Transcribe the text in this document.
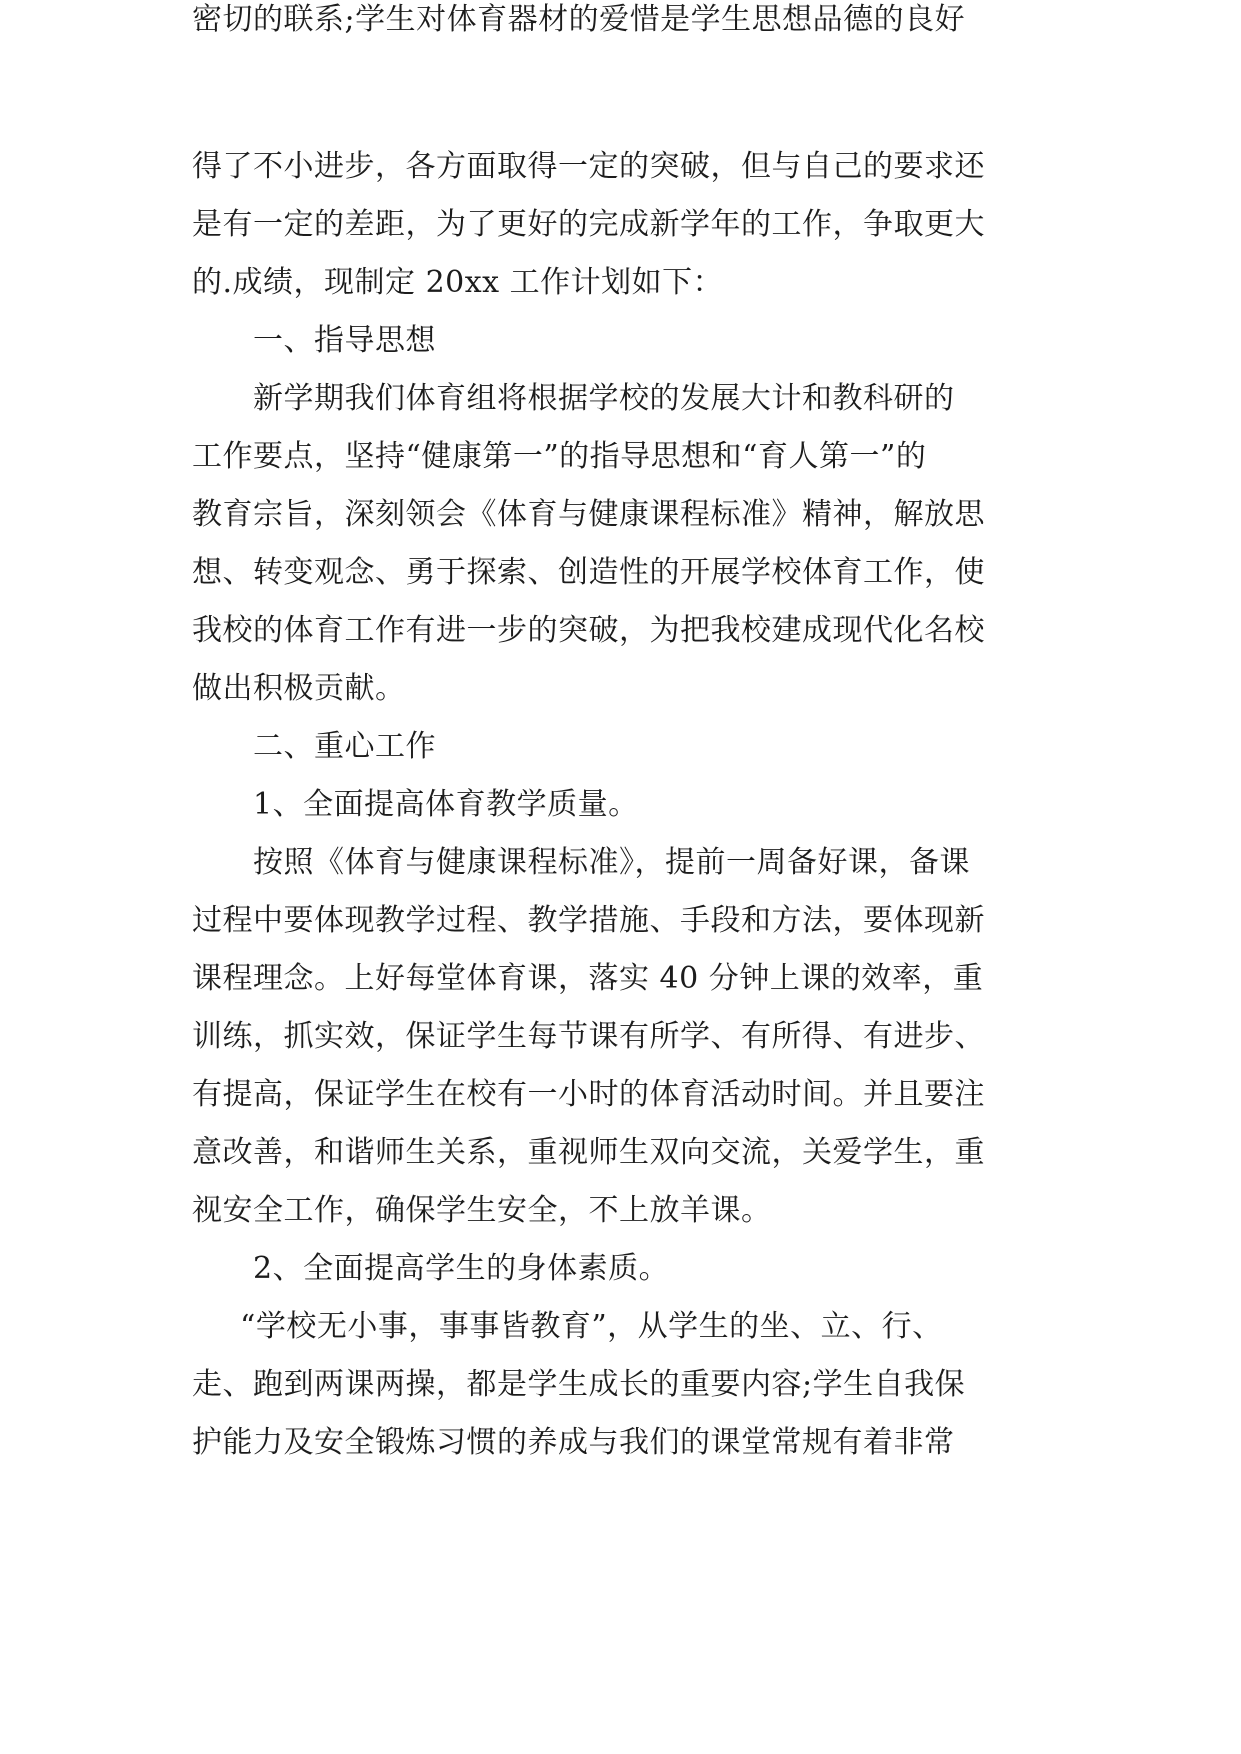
得了不小进步，各方面取得一定的突破，但与自己的要求还
是有一定的差距，为了更好的完成新学年的工作，争取更大
的.成绩，现制定 20xx 工作计划如下：
一、指导思想
新学期我们体育组将根据学校的发展大计和教科研的
工作要点，坚持“健康第一”的指导思想和“育人第一”的
教育宗旨，深刻领会《体育与健康课程标准》精神，解放思
想、转变观念、勇于探索、创造性的开展学校体育工作，使
我校的体育工作有进一步的突破，为把我校建成现代化名校
做出积极贡献。
二、重心工作
1、全面提高体育教学质量。
按照《体育与健康课程标准》，提前一周备好课，备课
过程中要体现教学过程、教学措施、手段和方法，要体现新
课程理念。上好每堂体育课，落实 40 分钟上课的效率，重
训练，抓实效，保证学生每节课有所学、有所得、有进步、
有提高，保证学生在校有一小时的体育活动时间。并且要注
意改善，和谐师生关系，重视师生双向交流，关爱学生，重
视安全工作，确保学生安全，不上放羊课。
2、全面提高学生的身体素质。
“学校无小事，事事皆教育”，从学生的坐、立、行、
走、跑到两课两操，都是学生成长的重要内容;学生自我保
护能力及安全锻炼习惯的养成与我们的课堂常规有着非常
密切的联系;学生对体育器材的爱惜是学生思想品德的良好
